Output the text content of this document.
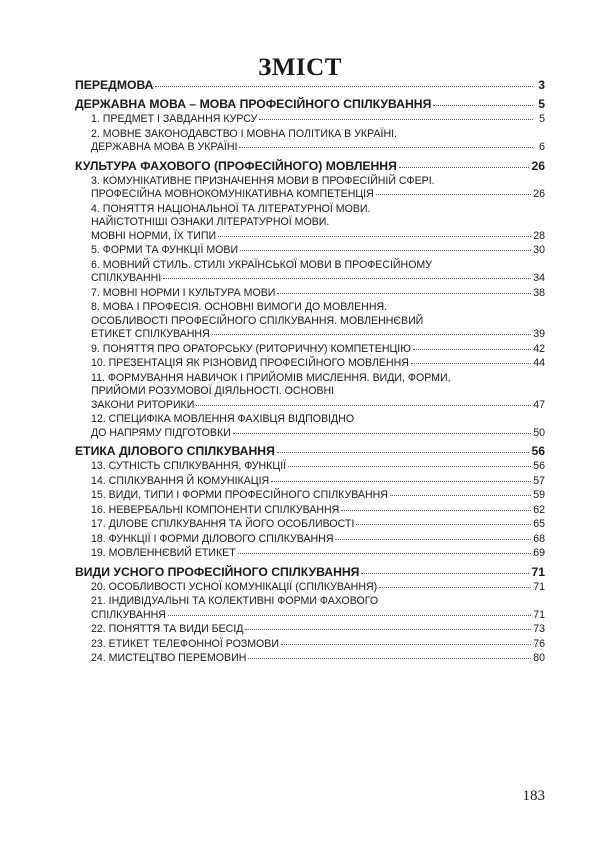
ЗМІСТ
ПЕРЕДМОВА	3
ДЕРЖАВНА МОВА – МОВА ПРОФЕСІЙНОГО СПІЛКУВАННЯ	5
1. ПРЕДМЕТ І ЗАВДАННЯ КУРСУ	5
2. МОВНЕ ЗАКОНОДАВСТВО І МОВНА ПОЛІТИКА В УКРАЇНІ.
ДЕРЖАВНА МОВА В УКРАЇНІ	6
КУЛЬТУРА ФАХОВОГО (ПРОФЕСІЙНОГО) МОВЛЕННЯ	26
3. КОМУНІКАТИВНЕ ПРИЗНАЧЕННЯ МОВИ В ПРОФЕСІЙНІЙ СФЕРІ.
ПРОФЕСІЙНА МОВНОКОМУНІКАТИВНА КОМПЕТЕНЦІЯ	26
4. ПОНЯТТЯ НАЦІОНАЛЬНОЇ ТА ЛІТЕРАТУРНОЇ МОВИ.
НАЙІСТОТНІШІ ОЗНАКИ ЛІТЕРАТУРНОЇ МОВИ.
МОВНІ НОРМИ, ЇХ ТИПИ	28
5. ФОРМИ ТА ФУНКЦІЇ МОВИ	30
6. МОВНИЙ СТИЛЬ. СТИЛІ УКРАЇНСЬКОЇ МОВИ В ПРОФЕСІЙНОМУ
СПІЛКУВАННІ	34
7. МОВНІ НОРМИ І КУЛЬТУРА МОВИ	38
8. МОВА І ПРОФЕСІЯ. ОСНОВНІ ВИМОГИ ДО МОВЛЕННЯ.
ОСОБЛИВОСТІ ПРОФЕСІЙНОГО СПІЛКУВАННЯ. МОВЛЕННЄВИЙ
ЕТИКЕТ СПІЛКУВАННЯ	39
9. ПОНЯТТЯ ПРО ОРАТОРСЬКУ (РИТОРИЧНУ) КОМПЕТЕНЦІЮ	42
10. ПРЕЗЕНТАЦІЯ ЯК РІЗНОВИД ПРОФЕСІЙНОГО МОВЛЕННЯ	44
11. ФОРМУВАННЯ НАВИЧОК І ПРИЙОМІВ МИСЛЕННЯ. ВИДИ, ФОРМИ,
ПРИЙОМИ РОЗУМОВОЇ ДІЯЛЬНОСТІ. ОСНОВНІ
ЗАКОНИ РИТОРИКИ	47
12. СПЕЦИФІКА МОВЛЕННЯ ФАХІВЦЯ ВІДПОВІДНО
ДО НАПРЯМУ ПІДГОТОВКИ	50
ЕТИКА ДІЛОВОГО СПІЛКУВАННЯ	56
13. СУТНІСТЬ СПІЛКУВАННЯ, ФУНКЦІЇ	56
14. СПІЛКУВАННЯ Й КОМУНІКАЦІЯ	57
15. ВИДИ, ТИПИ І ФОРМИ ПРОФЕСІЙНОГО СПІЛКУВАННЯ	59
16. НЕВЕРБАЛЬНІ КОМПОНЕНТИ СПІЛКУВАННЯ	62
17. ДІЛОВЕ СПІЛКУВАННЯ ТА ЙОГО ОСОБЛИВОСТІ	65
18. ФУНКЦІЇ І ФОРМИ ДІЛОВОГО СПІЛКУВАННЯ	68
19. МОВЛЕННЄВИЙ ЕТИКЕТ	69
ВИДИ УСНОГО ПРОФЕСІЙНОГО СПІЛКУВАННЯ	71
20. ОСОБЛИВОСТІ УСНОЇ КОМУНІКАЦІЇ (СПІЛКУВАННЯ)	71
21. ІНДИВІДУАЛЬНІ ТА КОЛЕКТИВНІ ФОРМИ ФАХОВОГО
СПІЛКУВАННЯ	71
22. ПОНЯТТЯ ТА ВИДИ БЕСІД	73
23. ЕТИКЕТ ТЕЛЕФОННОЇ РОЗМОВИ	76
24. МИСТЕЦТВО ПЕРЕМОВИН	80
183
